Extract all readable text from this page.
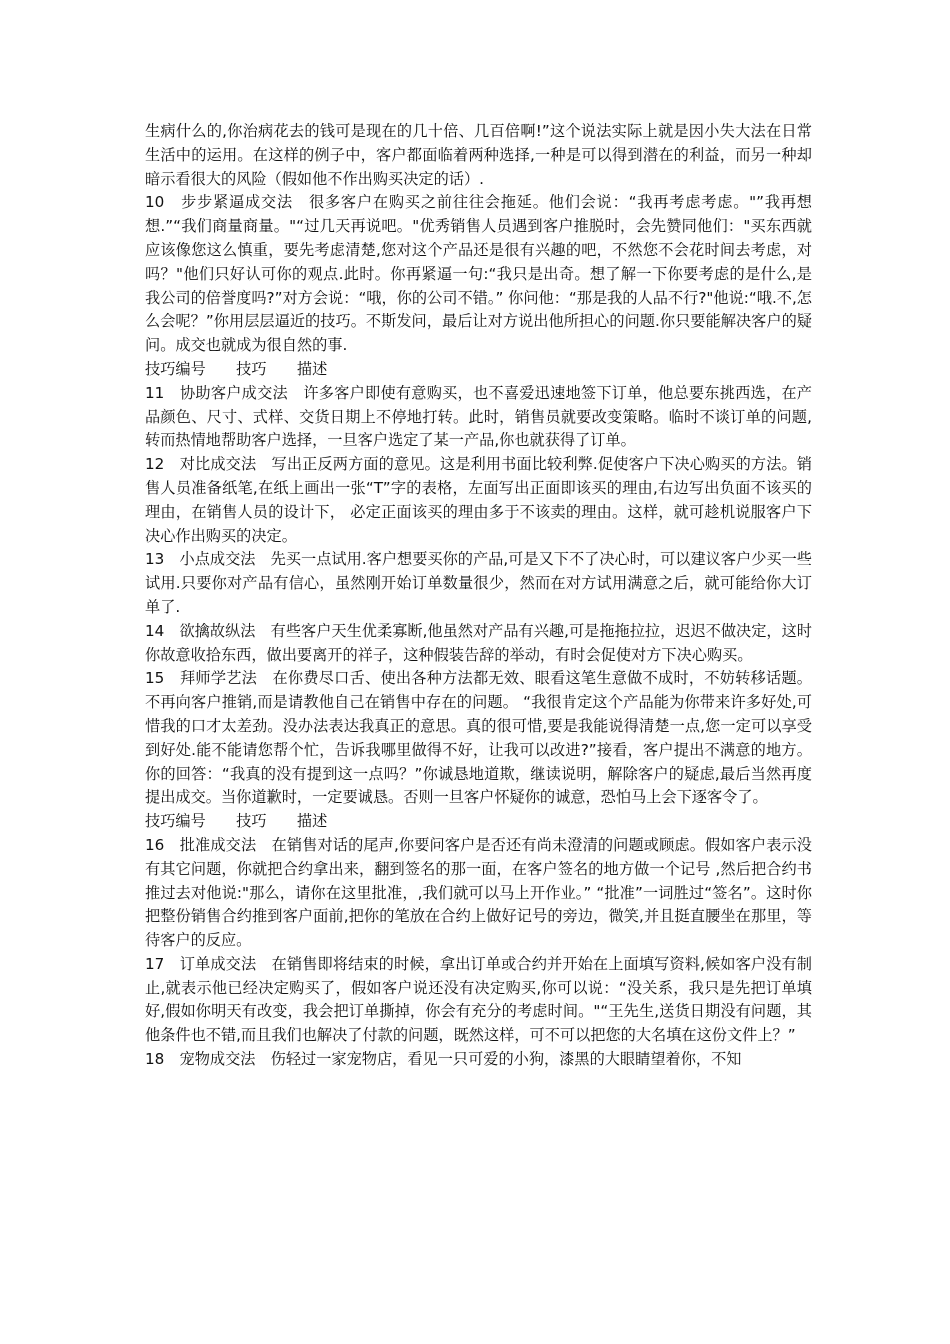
生病什么的,你治病花去的钱可是现在的几十倍、几百倍啊!”这个说法实际上就是因小失大法在日常生活中的运用。在这样的例子中，客户都面临着两种选择,一种是可以得到潜在的利益，而另一种却暗示看很大的风险（假如他不作出购买决定的话）.

10　步步紧逼成交法　很多客户在购买之前往往会拖延。他们会说：“我再考虑考虑。"”我再想想.”“我们商量商量。"“过几天再说吧。"优秀销售人员遇到客户推脱时，会先赞同他们："买东西就应该像您这么慎重，要先考虑清楚,您对这个产品还是很有兴趣的吧，不然您不会花时间去考虑，对吗？"他们只好认可你的观点.此时。你再紧逼一句:“我只是出奇。想了解一下你要考虑的是什么,是我公司的倍誉度吗?”对方会说：“哦，你的公司不错。” 你问他：“那是我的人品不行?"他说:“哦.不,怎么会呢？”你用层层逼近的技巧。不斯发问，最后让对方说出他所担心的问题.你只要能解决客户的疑问。成交也就成为很自然的事.

技巧编号　　技巧　　描述

11　协助客户成交法　许多客户即使有意购买，也不喜爱迅速地签下订单，他总要东挑西选，在产品颜色、尺寸、式样、交货日期上不停地打转。此时，销售员就要改变策略。临时不谈订单的问题,转而热情地帮助客户选择，一旦客户选定了某一产品,你也就获得了订单。

12　对比成交法　写出正反两方面的意见。这是利用书面比较利弊.促使客户下决心购买的方法。销售人员准备纸笔,在纸上画出一张“T”字的表格，左面写出正面即该买的理由,右边写出负面不该买的理由，在销售人员的设计下， 必定正面该买的理由多于不该卖的理由。这样，就可趁机说服客户下决心作出购买的决定。

13　小点成交法　先买一点试用.客户想要买你的产品,可是又下不了决心时，可以建议客户少买一些试用.只要你对产品有信心，虽然刚开始订单数量很少，然而在对方试用满意之后，就可能给你大订单了.

14　欲擒故纵法　有些客户天生优柔寡断,他虽然对产品有兴趣,可是拖拖拉拉，迟迟不做决定，这时你故意收拾东西，做出要离开的祥子，这种假装告辞的举动，有时会促使对方下决心购买。

15　拜师学艺法　在你费尽口舌、使出各种方法都无效、眼看这笔生意做不成时，不妨转移话题。不再向客户推销,而是请教他自己在销售中存在的问题。 “我很肯定这个产品能为你带来许多好处,可惜我的口才太差劲。没办法表达我真正的意思。真的很可惜,要是我能说得清楚一点,您一定可以享受到好处.能不能请您帮个忙，告诉我哪里做得不好，让我可以改进?”接看，客户提出不满意的地方。你的回答：“我真的没有提到这一点吗？”你诚恳地道欺，继读说明，解除客户的疑虑,最后当然再度提出成交。当你道歉时，一定要诚恳。否则一旦客户怀疑你的诚意，恐怕马上会下逐客令了。

技巧编号　　技巧　　描述

16　批准成交法　在销售对话的尾声,你要问客户是否还有尚未澄清的问题或顾虑。假如客户表示没有其它问题，你就把合约拿出来，翻到签名的那一面，在客户签名的地方做一个记号 ,然后把合约书推过去对他说:"那么，请你在这里批准，,我们就可以马上开作业。” “批准”一词胜过“签名”。这时你把整份销售合约推到客户面前,把你的笔放在合约上做好记号的旁边，微笑,并且挺直腰坐在那里，等待客户的反应。

17　订单成交法　在销售即将结束的时候，拿出订单或合约并开始在上面填写资料,候如客户没有制止,就表示他已经决定购买了，假如客户说还没有决定购买,你可以说：“没关系，我只是先把订单填好,假如你明天有改变，我会把订单撕掉，你会有充分的考虑时间。"“王先生,送货日期没有问题，其他条件也不错,而且我们也解决了付款的问题，既然这样，可不可以把您的大名填在这份文件上？”

18　宠物成交法　伤轻过一家宠物店，看见一只可爱的小狗，漆黑的大眼睛望着你，不知
